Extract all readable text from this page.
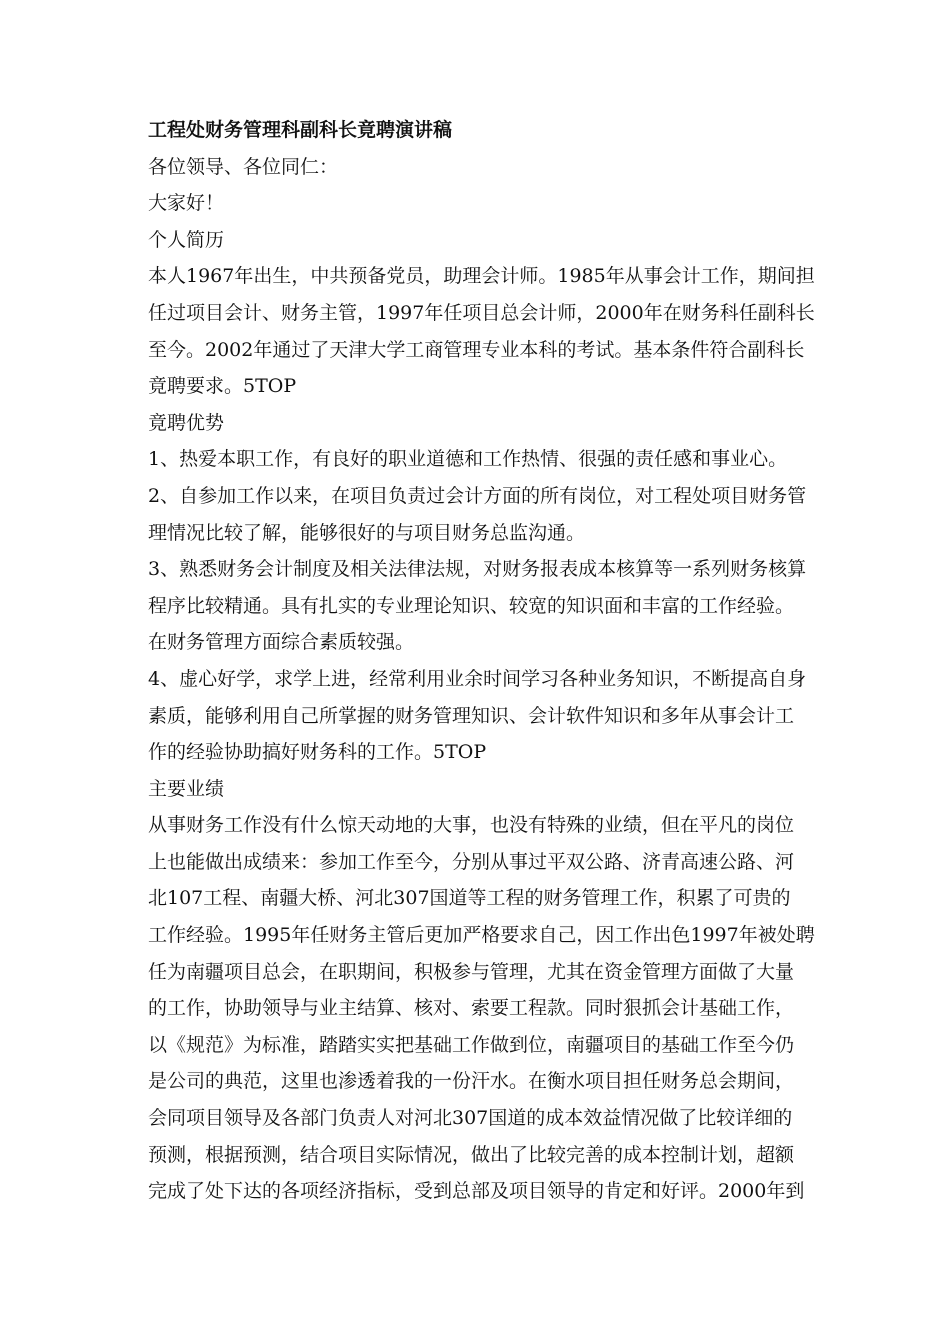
工程处财务管理科副科长竟聘演讲稿
各位领导、各位同仁：
大家好！
个人简历
本人1967年出生，中共预备党员，助理会计师。1985年从事会计工作，期间担
任过项目会计、财务主管，1997年任项目总会计师，2000年在财务科任副科长
至今。2002年通过了天津大学工商管理专业本科的考试。基本条件符合副科长
竟聘要求。5TOP
竟聘优势
1、热爱本职工作，有良好的职业道德和工作热情、很强的责任感和事业心。
2、自参加工作以来，在项目负责过会计方面的所有岗位，对工程处项目财务管
理情况比较了解，能够很好的与项目财务总监沟通。
3、熟悉财务会计制度及相关法律法规，对财务报表成本核算等一系列财务核算
程序比较精通。具有扎实的专业理论知识、较宽的知识面和丰富的工作经验。
在财务管理方面综合素质较强。
4、虚心好学，求学上进，经常利用业余时间学习各种业务知识，不断提高自身
素质，能够利用自己所掌握的财务管理知识、会计软件知识和多年从事会计工
作的经验协助搞好财务科的工作。5TOP
主要业绩
从事财务工作没有什么惊天动地的大事，也没有特殊的业绩，但在平凡的岗位
上也能做出成绩来：参加工作至今，分别从事过平双公路、济青高速公路、河
北107工程、南疆大桥、河北307国道等工程的财务管理工作，积累了可贵的
工作经验。1995年任财务主管后更加严格要求自己，因工作出色1997年被处聘
任为南疆项目总会，在职期间，积极参与管理，尤其在资金管理方面做了大量
的工作，协助领导与业主结算、核对、索要工程款。同时狠抓会计基础工作，
以《规范》为标准，踏踏实实把基础工作做到位，南疆项目的基础工作至今仍
是公司的典范，这里也渗透着我的一份汗水。在衡水项目担任财务总会期间，
会同项目领导及各部门负责人对河北307国道的成本效益情况做了比较详细的
预测，根据预测，结合项目实际情况，做出了比较完善的成本控制计划，超额
完成了处下达的各项经济指标，受到总部及项目领导的肯定和好评。2000年到
